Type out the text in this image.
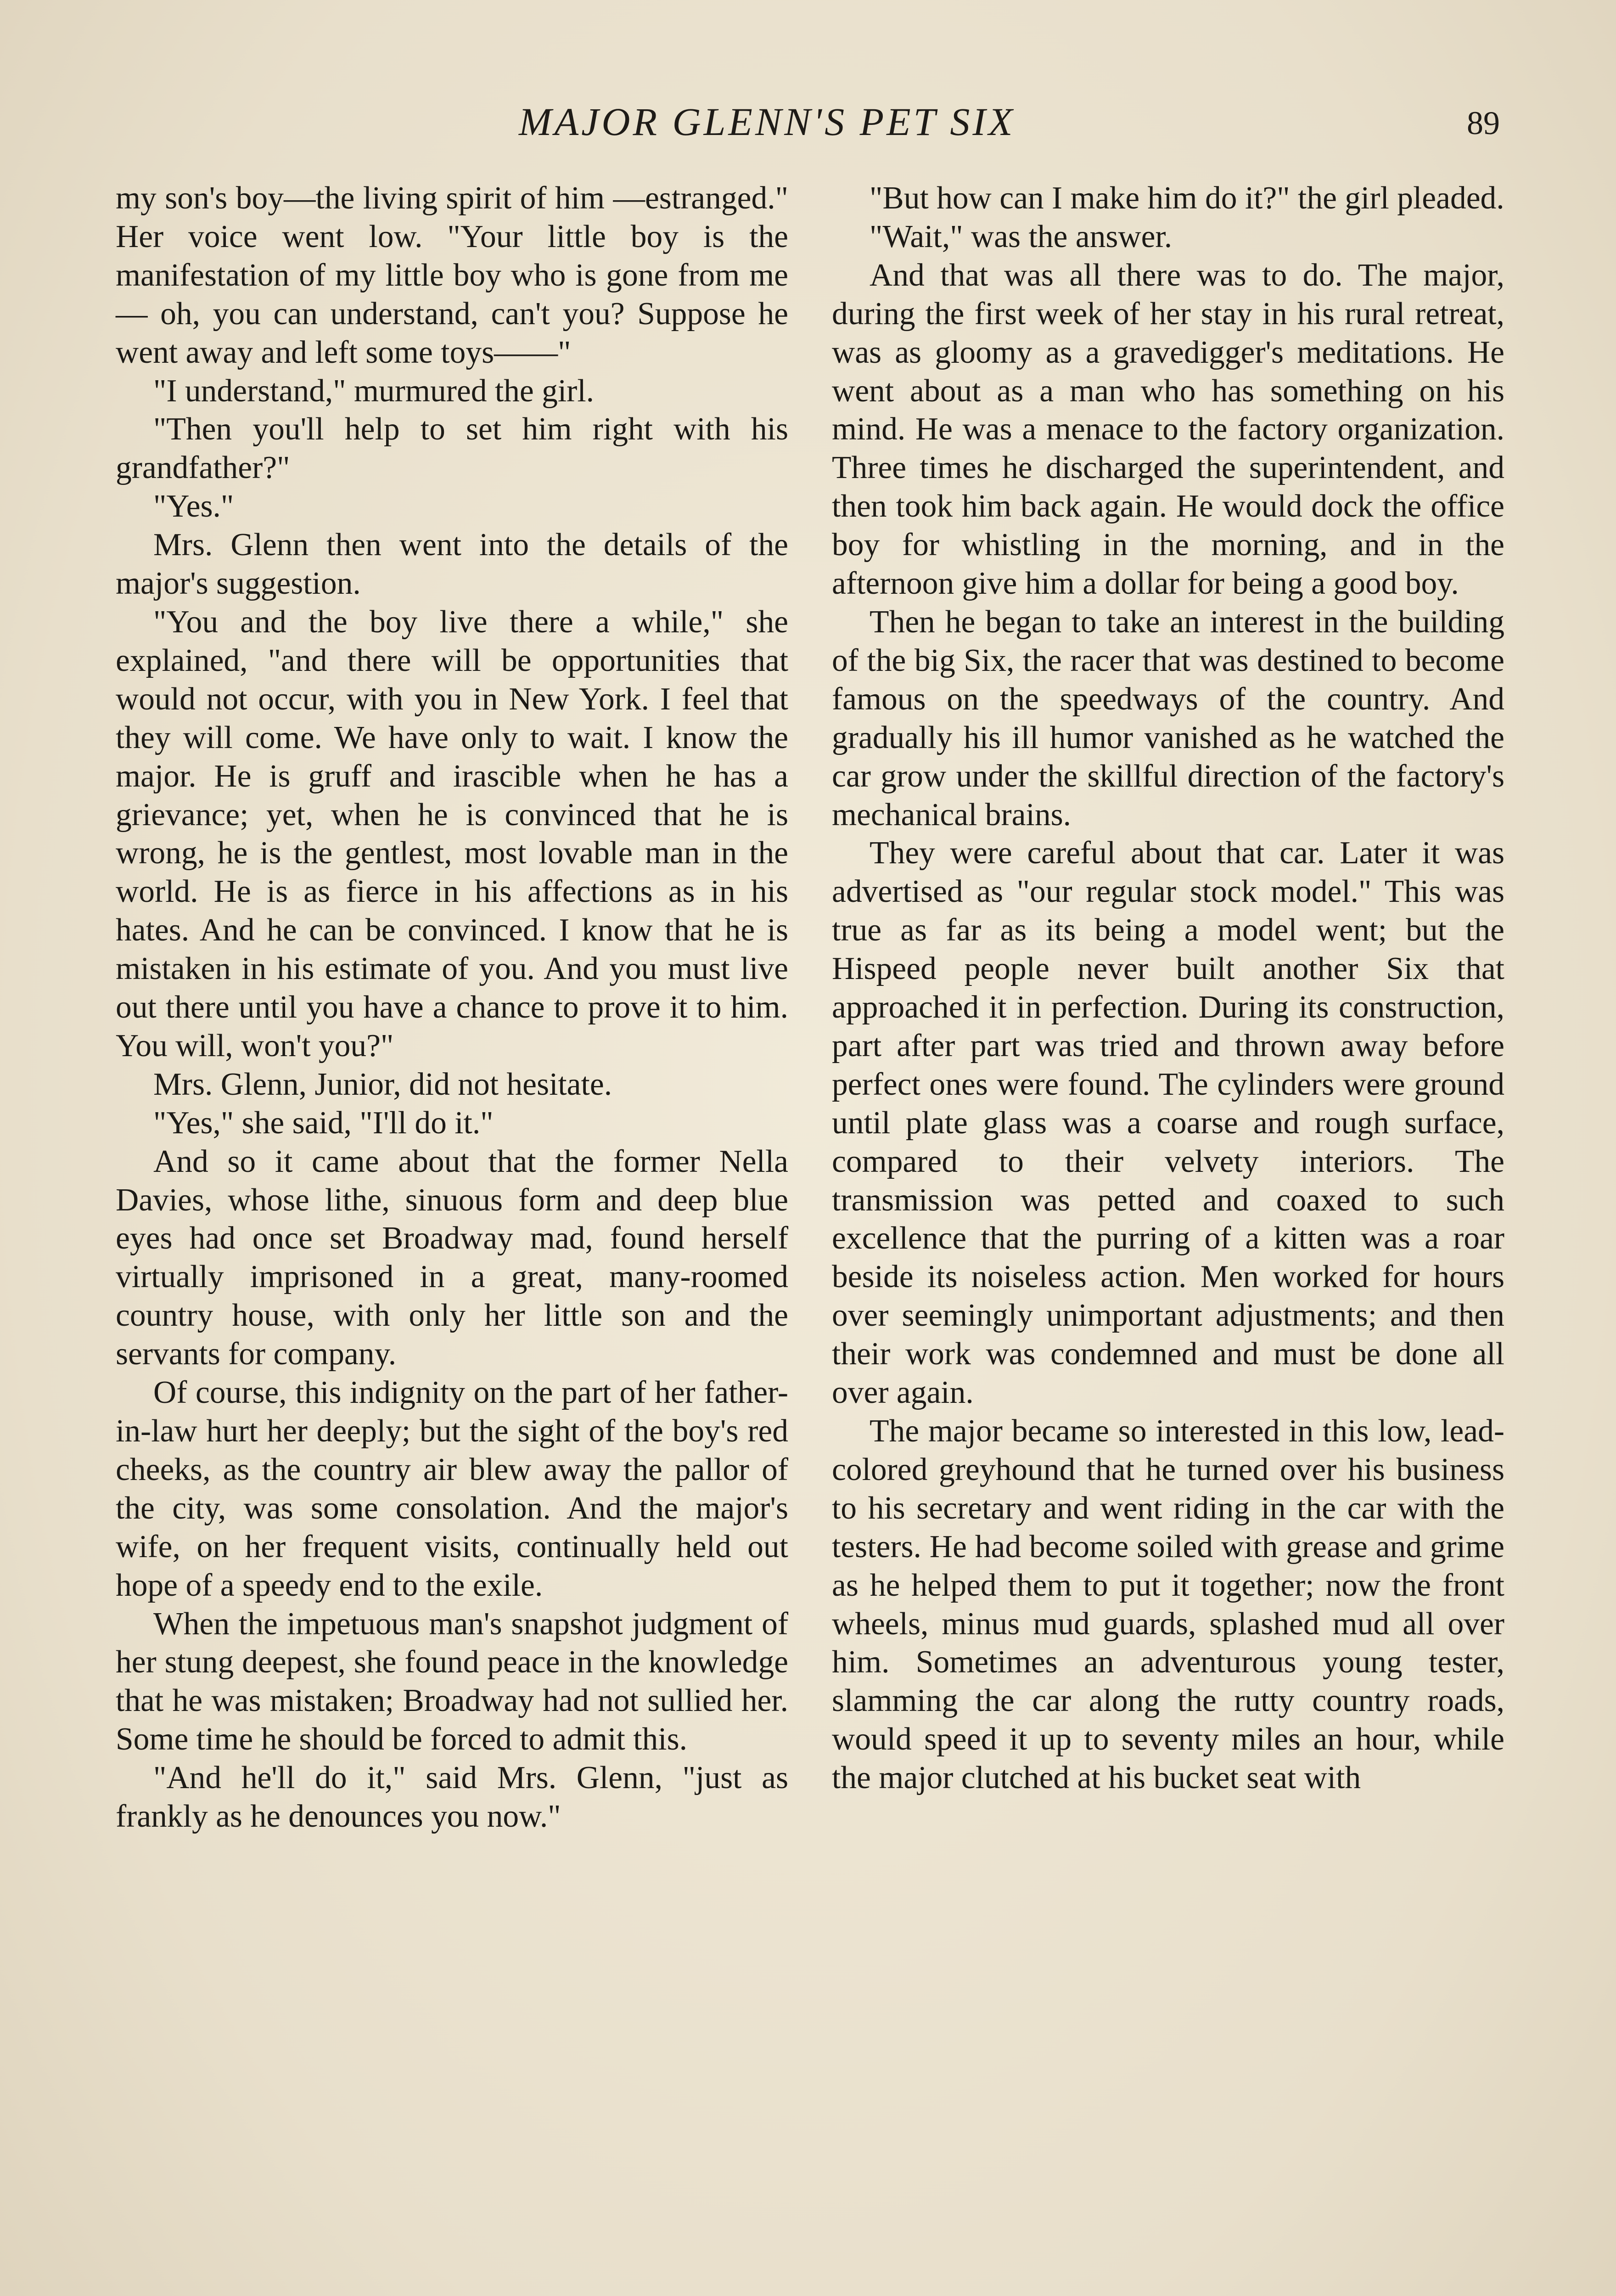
MAJOR GLENN'S PET SIX	89

my son's boy—the living spirit of him —estranged." Her voice went low. "Your little boy is the manifestation of my little boy who is gone from me— oh, you can understand, can't you? Suppose he went away and left some toys——"

"I understand," murmured the girl.

"Then you'll help to set him right with his grandfather?"

"Yes."

Mrs. Glenn then went into the details of the major's suggestion.

"You and the boy live there a while," she explained, "and there will be opportunities that would not occur, with you in New York. I feel that they will come. We have only to wait. I know the major. He is gruff and irascible when he has a grievance; yet, when he is convinced that he is wrong, he is the gentlest, most lovable man in the world. He is as fierce in his affections as in his hates. And he can be convinced. I know that he is mistaken in his estimate of you. And you must live out there until you have a chance to prove it to him. You will, won't you?"

Mrs. Glenn, Junior, did not hesitate.

"Yes," she said, "I'll do it."

And so it came about that the former Nella Davies, whose lithe, sinuous form and deep blue eyes had once set Broadway mad, found herself virtually imprisoned in a great, many-roomed country house, with only her little son and the servants for company.

Of course, this indignity on the part of her father-in-law hurt her deeply; but the sight of the boy's red cheeks, as the country air blew away the pallor of the city, was some consolation. And the major's wife, on her frequent visits, continually held out hope of a speedy end to the exile.

When the impetuous man's snapshot judgment of her stung deepest, she found peace in the knowledge that he was mistaken; Broadway had not sullied her. Some time he should be forced to admit this.

"And he'll do it," said Mrs. Glenn, "just as frankly as he denounces you now."

"But how can I make him do it?" the girl pleaded.

"Wait," was the answer.

And that was all there was to do. The major, during the first week of her stay in his rural retreat, was as gloomy as a gravedigger's meditations. He went about as a man who has something on his mind. He was a menace to the factory organization. Three times he discharged the superintendent, and then took him back again. He would dock the office boy for whistling in the morning, and in the afternoon give him a dollar for being a good boy.

Then he began to take an interest in the building of the big Six, the racer that was destined to become famous on the speedways of the country. And gradually his ill humor vanished as he watched the car grow under the skillful direction of the factory's mechanical brains.

They were careful about that car. Later it was advertised as "our regular stock model." This was true as far as its being a model went; but the Hispeed people never built another Six that approached it in perfection. During its construction, part after part was tried and thrown away before perfect ones were found. The cylinders were ground until plate glass was a coarse and rough surface, compared to their velvety interiors. The transmission was petted and coaxed to such excellence that the purring of a kitten was a roar beside its noiseless action. Men worked for hours over seemingly unimportant adjustments; and then their work was condemned and must be done all over again.

The major became so interested in this low, lead-colored greyhound that he turned over his business to his secretary and went riding in the car with the testers. He had become soiled with grease and grime as he helped them to put it together; now the front wheels, minus mud guards, splashed mud all over him. Sometimes an adventurous young tester, slamming the car along the rutty country roads, would speed it up to seventy miles an hour, while the major clutched at his bucket seat with
